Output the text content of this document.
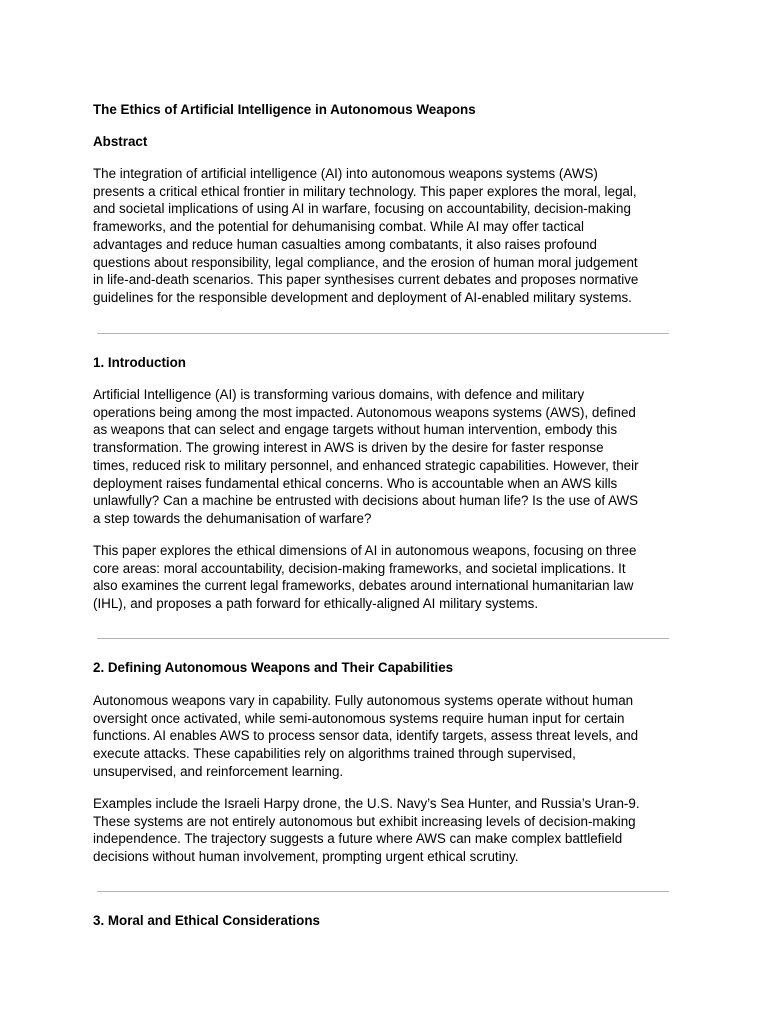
The Ethics of Artificial Intelligence in Autonomous Weapons
Abstract

The integration of artificial intelligence (AI) into autonomous weapons systems (AWS)
presents a critical ethical frontier in military technology. This paper explores the moral, legal,
and societal implications of using AI in warfare, focusing on accountability, decision-making
frameworks, and the potential for dehumanising combat. While AI may offer tactical
advantages and reduce human casualties among combatants, it also raises profound
questions about responsibility, legal compliance, and the erosion of human moral judgement
in life-and-death scenarios. This paper synthesises current debates and proposes normative
guidelines for the responsible development and deployment of AI-enabled military systems.

1. Introduction

Artificial Intelligence (AI) is transforming various domains, with defence and military
operations being among the most impacted. Autonomous weapons systems (AWS), defined
as weapons that can select and engage targets without human intervention, embody this
transformation. The growing interest in AWS is driven by the desire for faster response
times, reduced risk to military personnel, and enhanced strategic capabilities. However, their
deployment raises fundamental ethical concerns. Who is accountable when an AWS kills
unlawfully? Can a machine be entrusted with decisions about human life? Is the use of AWS
a step towards the dehumanisation of warfare?

This paper explores the ethical dimensions of AI in autonomous weapons, focusing on three
core areas: moral accountability, decision-making frameworks, and societal implications. It
also examines the current legal frameworks, debates around international humanitarian law
(IHL), and proposes a path forward for ethically-aligned AI military systems.

2. Defining Autonomous Weapons and Their Capabilities

Autonomous weapons vary in capability. Fully autonomous systems operate without human
oversight once activated, while semi-autonomous systems require human input for certain
functions. AI enables AWS to process sensor data, identify targets, assess threat levels, and
execute attacks. These capabilities rely on algorithms trained through supervised,
unsupervised, and reinforcement learning.

Examples include the Israeli Harpy drone, the U.S. Navy’s Sea Hunter, and Russia’s Uran-9.
These systems are not entirely autonomous but exhibit increasing levels of decision-making
independence. The trajectory suggests a future where AWS can make complex battlefield
decisions without human involvement, prompting urgent ethical scrutiny.

3. Moral and Ethical Considerations
